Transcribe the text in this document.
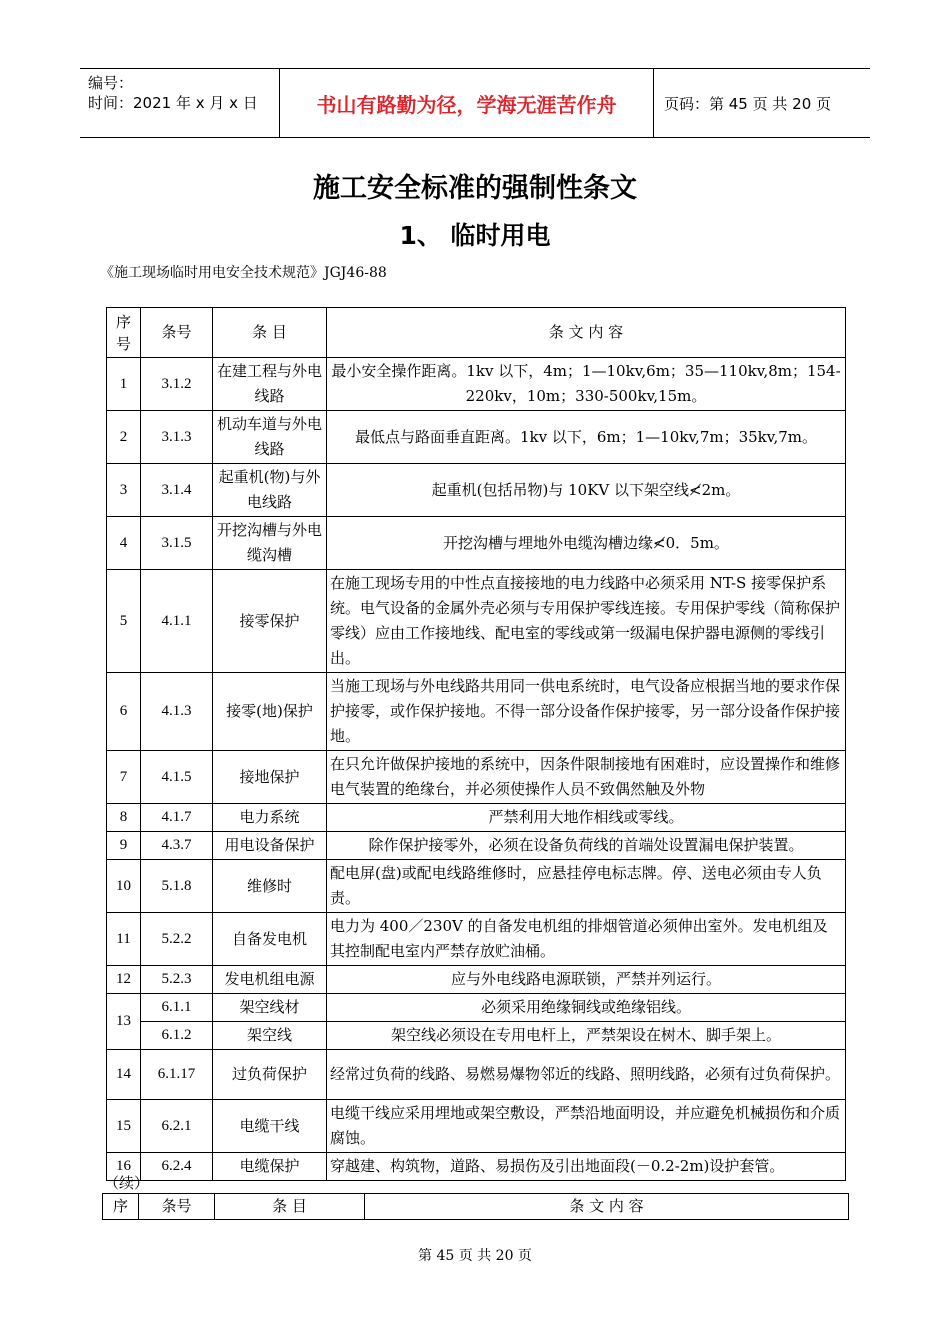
编号：
时间：2021 年 x 月 x 日	书山有路勤为径，学海无涯苦作舟	页码：第 45 页 共 20 页
施工安全标准的强制性条文
1、 临时用电
《施工现场临时用电安全技术规范》JGJ46-88
序号	条号	条 目	条 文 内 容
1	3.1.2	在建工程与外电线路	最小安全操作距离。1kv 以下，4m；1—10kv,6m；35—110kv,8m；154-220kv，10m；330-500kv,15m。
2	3.1.3	机动车道与外电线路	最低点与路面垂直距离。1kv 以下，6m；1—10kv,7m；35kv,7m。
3	3.1.4	起重机(物)与外电线路	起重机(包括吊物)与 10KV 以下架空线≮2m。
4	3.1.5	开挖沟槽与外电缆沟槽	开挖沟槽与埋地外电缆沟槽边缘≮0．5m。
5	4.1.1	接零保护	在施工现场专用的中性点直接接地的电力线路中必须采用 NT-S 接零保护系统。电气设备的金属外壳必须与专用保护零线连接。专用保护零线（简称保护零线）应由工作接地线、配电室的零线或第一级漏电保护器电源侧的零线引出。
6	4.1.3	接零(地)保护	当施工现场与外电线路共用同一供电系统时，电气设备应根据当地的要求作保护接零，或作保护接地。不得一部分设备作保护接零，另一部分设备作保护接地。
7	4.1.5	接地保护	在只允许做保护接地的系统中，因条件限制接地有困难时，应设置操作和维修电气装置的绝缘台，并必须使操作人员不致偶然触及外物
8	4.1.7	电力系统	严禁利用大地作相线或零线。
9	4.3.7	用电设备保护	除作保护接零外，必须在设备负荷线的首端处设置漏电保护装置。
10	5.1.8	维修时	配电屏(盘)或配电线路维修时，应悬挂停电标志牌。停、送电必须由专人负责。
11	5.2.2	自备发电机	电力为 400／230V 的自备发电机组的排烟管道必须伸出室外。发电机组及其控制配电室内严禁存放贮油桶。
12	5.2.3	发电机组电源	应与外电线路电源联锁，严禁并列运行。
13	6.1.1	架空线材	必须采用绝缘铜线或绝缘铝线。
	6.1.2	架空线	架空线必须设在专用电杆上，严禁架设在树木、脚手架上。
14	6.1.17	过负荷保护	经常过负荷的线路、易燃易爆物邻近的线路、照明线路，必须有过负荷保护。
15	6.2.1	电缆干线	电缆干线应采用埋地或架空敷设，严禁沿地面明设，并应避免机械损伤和介质腐蚀。
16	6.2.4	电缆保护	穿越建、构筑物，道路、易损伤及引出地面段(－0.2-2m)设护套管。
（续）
序	条号	条 目	条 文 内 容
第 45 页 共 20 页
